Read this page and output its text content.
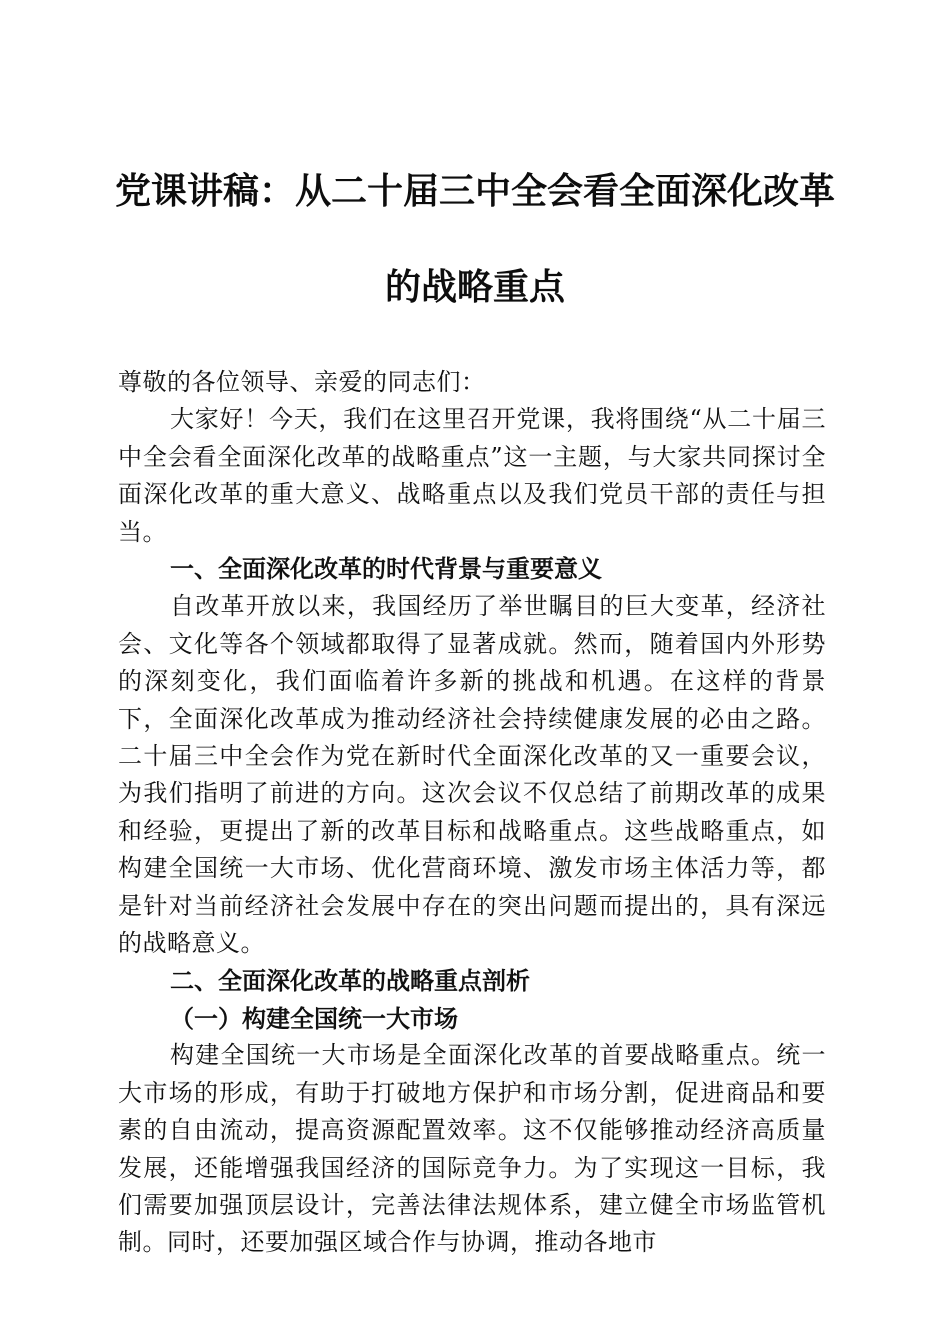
党课讲稿：从二十届三中全会看全面深化改革
的战略重点

尊敬的各位领导、亲爱的同志们：

大家好！今天，我们在这里召开党课，我将围绕“从二十届三中全会看全面深化改革的战略重点”这一主题，与大家共同探讨全面深化改革的重大意义、战略重点以及我们党员干部的责任与担当。

一、全面深化改革的时代背景与重要意义

自改革开放以来，我国经历了举世瞩目的巨大变革，经济社会、文化等各个领域都取得了显著成就。然而，随着国内外形势的深刻变化，我们面临着许多新的挑战和机遇。在这样的背景下，全面深化改革成为推动经济社会持续健康发展的必由之路。二十届三中全会作为党在新时代全面深化改革的又一重要会议，为我们指明了前进的方向。这次会议不仅总结了前期改革的成果和经验，更提出了新的改革目标和战略重点。这些战略重点，如构建全国统一大市场、优化营商环境、激发市场主体活力等，都是针对当前经济社会发展中存在的突出问题而提出的，具有深远的战略意义。

二、全面深化改革的战略重点剖析

（一）构建全国统一大市场

构建全国统一大市场是全面深化改革的首要战略重点。统一大市场的形成，有助于打破地方保护和市场分割，促进商品和要素的自由流动，提高资源配置效率。这不仅能够推动经济高质量发展，还能增强我国经济的国际竞争力。为了实现这一目标，我们需要加强顶层设计，完善法律法规体系，建立健全市场监管机制。同时，还要加强区域合作与协调，推动各地市
